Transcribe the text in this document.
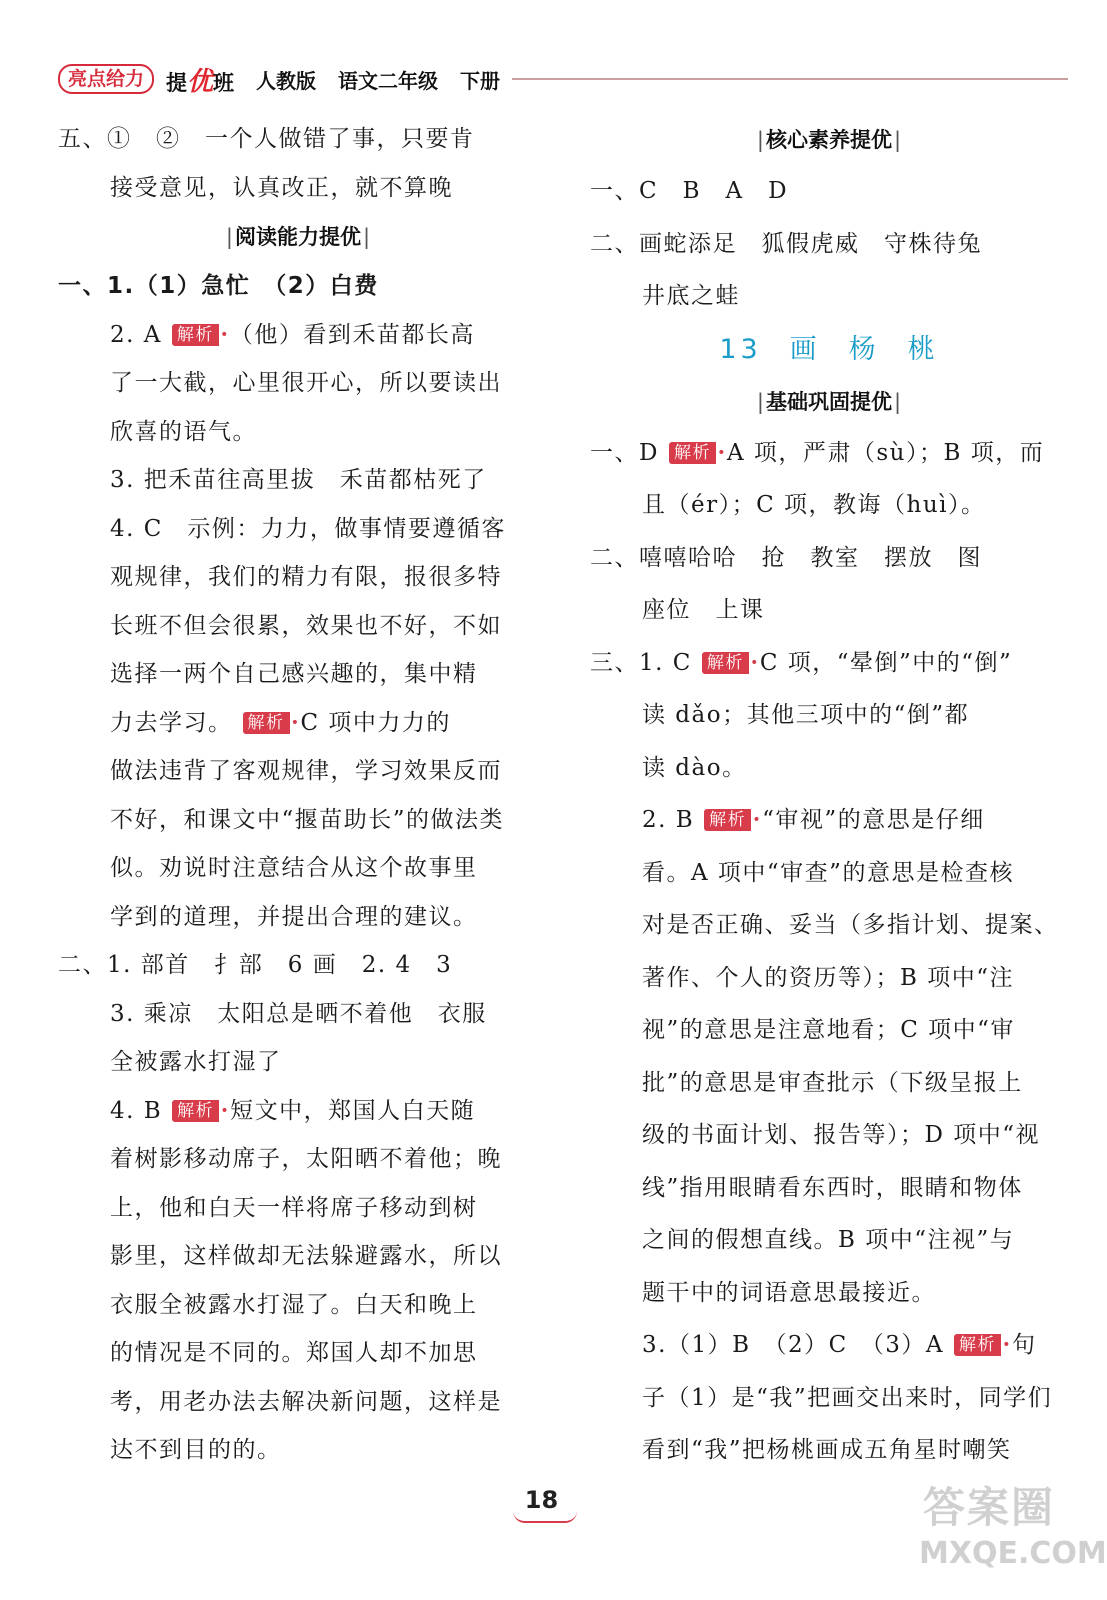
亮点给力	提优班 人教版 语文二年级 下册

五、①　②　一个人做错了事，只要肯

接受意见，认真改正，就不算晚

|阅读能力提优|

一、1.（1）急忙　（2）白费

2. A 解析 • （他）看到禾苗都长高

了一大截，心里很开心，所以要读出

欣喜的语气。

3. 把禾苗往高里拔　禾苗都枯死了

4. C　示例：力力，做事情要遵循客

观规律，我们的精力有限，报很多特

长班不但会很累，效果也不好，不如

选择一两个自己感兴趣的，集中精

力去学习。 解析 • C 项中力力的

做法违背了客观规律，学习效果反而

不好，和课文中“揠苗助长”的做法类

似。劝说时注意结合从这个故事里

学到的道理，并提出合理的建议。

二、1. 部首　扌部　6 画　2. 4　3

3. 乘凉　太阳总是晒不着他　衣服

全被露水打湿了

4. B 解析 • 短文中，郑国人白天随

着树影移动席子，太阳晒不着他；晚

上，他和白天一样将席子移动到树

影里，这样做却无法躲避露水，所以

衣服全被露水打湿了。白天和晚上

的情况是不同的。郑国人却不加思

考，用老办法去解决新问题，这样是

达不到目的的。

|核心素养提优|

一、C　B　A　D

二、画蛇添足　狐假虎威　守株待兔

井底之蛙

13 画 杨 桃
|基础巩固提优|

一、D 解析 • A 项，严肃（sù）；B 项，而

且（ér）；C 项，教诲（huì）。

二、嘻嘻哈哈　抢　教室　摆放　图

座位　上课

三、1. C 解析 • C 项，“晕倒”中的“倒”

读 dǎo；其他三项中的“倒”都

读 dào。

2. B 解析 • “审视”的意思是仔细

看。A 项中“审查”的意思是检查核

对是否正确、妥当（多指计划、提案、

著作、个人的资历等）；B 项中“注

视”的意思是注意地看；C 项中“审

批”的意思是审查批示（下级呈报上

级的书面计划、报告等）；D 项中“视

线”指用眼睛看东西时，眼睛和物体

之间的假想直线。B 项中“注视”与

题干中的词语意思最接近。

3.（1）B　（2）C　（3）A 解析 • 句

子（1）是“我”把画交出来时，同学们

看到“我”把杨桃画成五角星时嘲笑

18	答案圈
MXQE.COM
